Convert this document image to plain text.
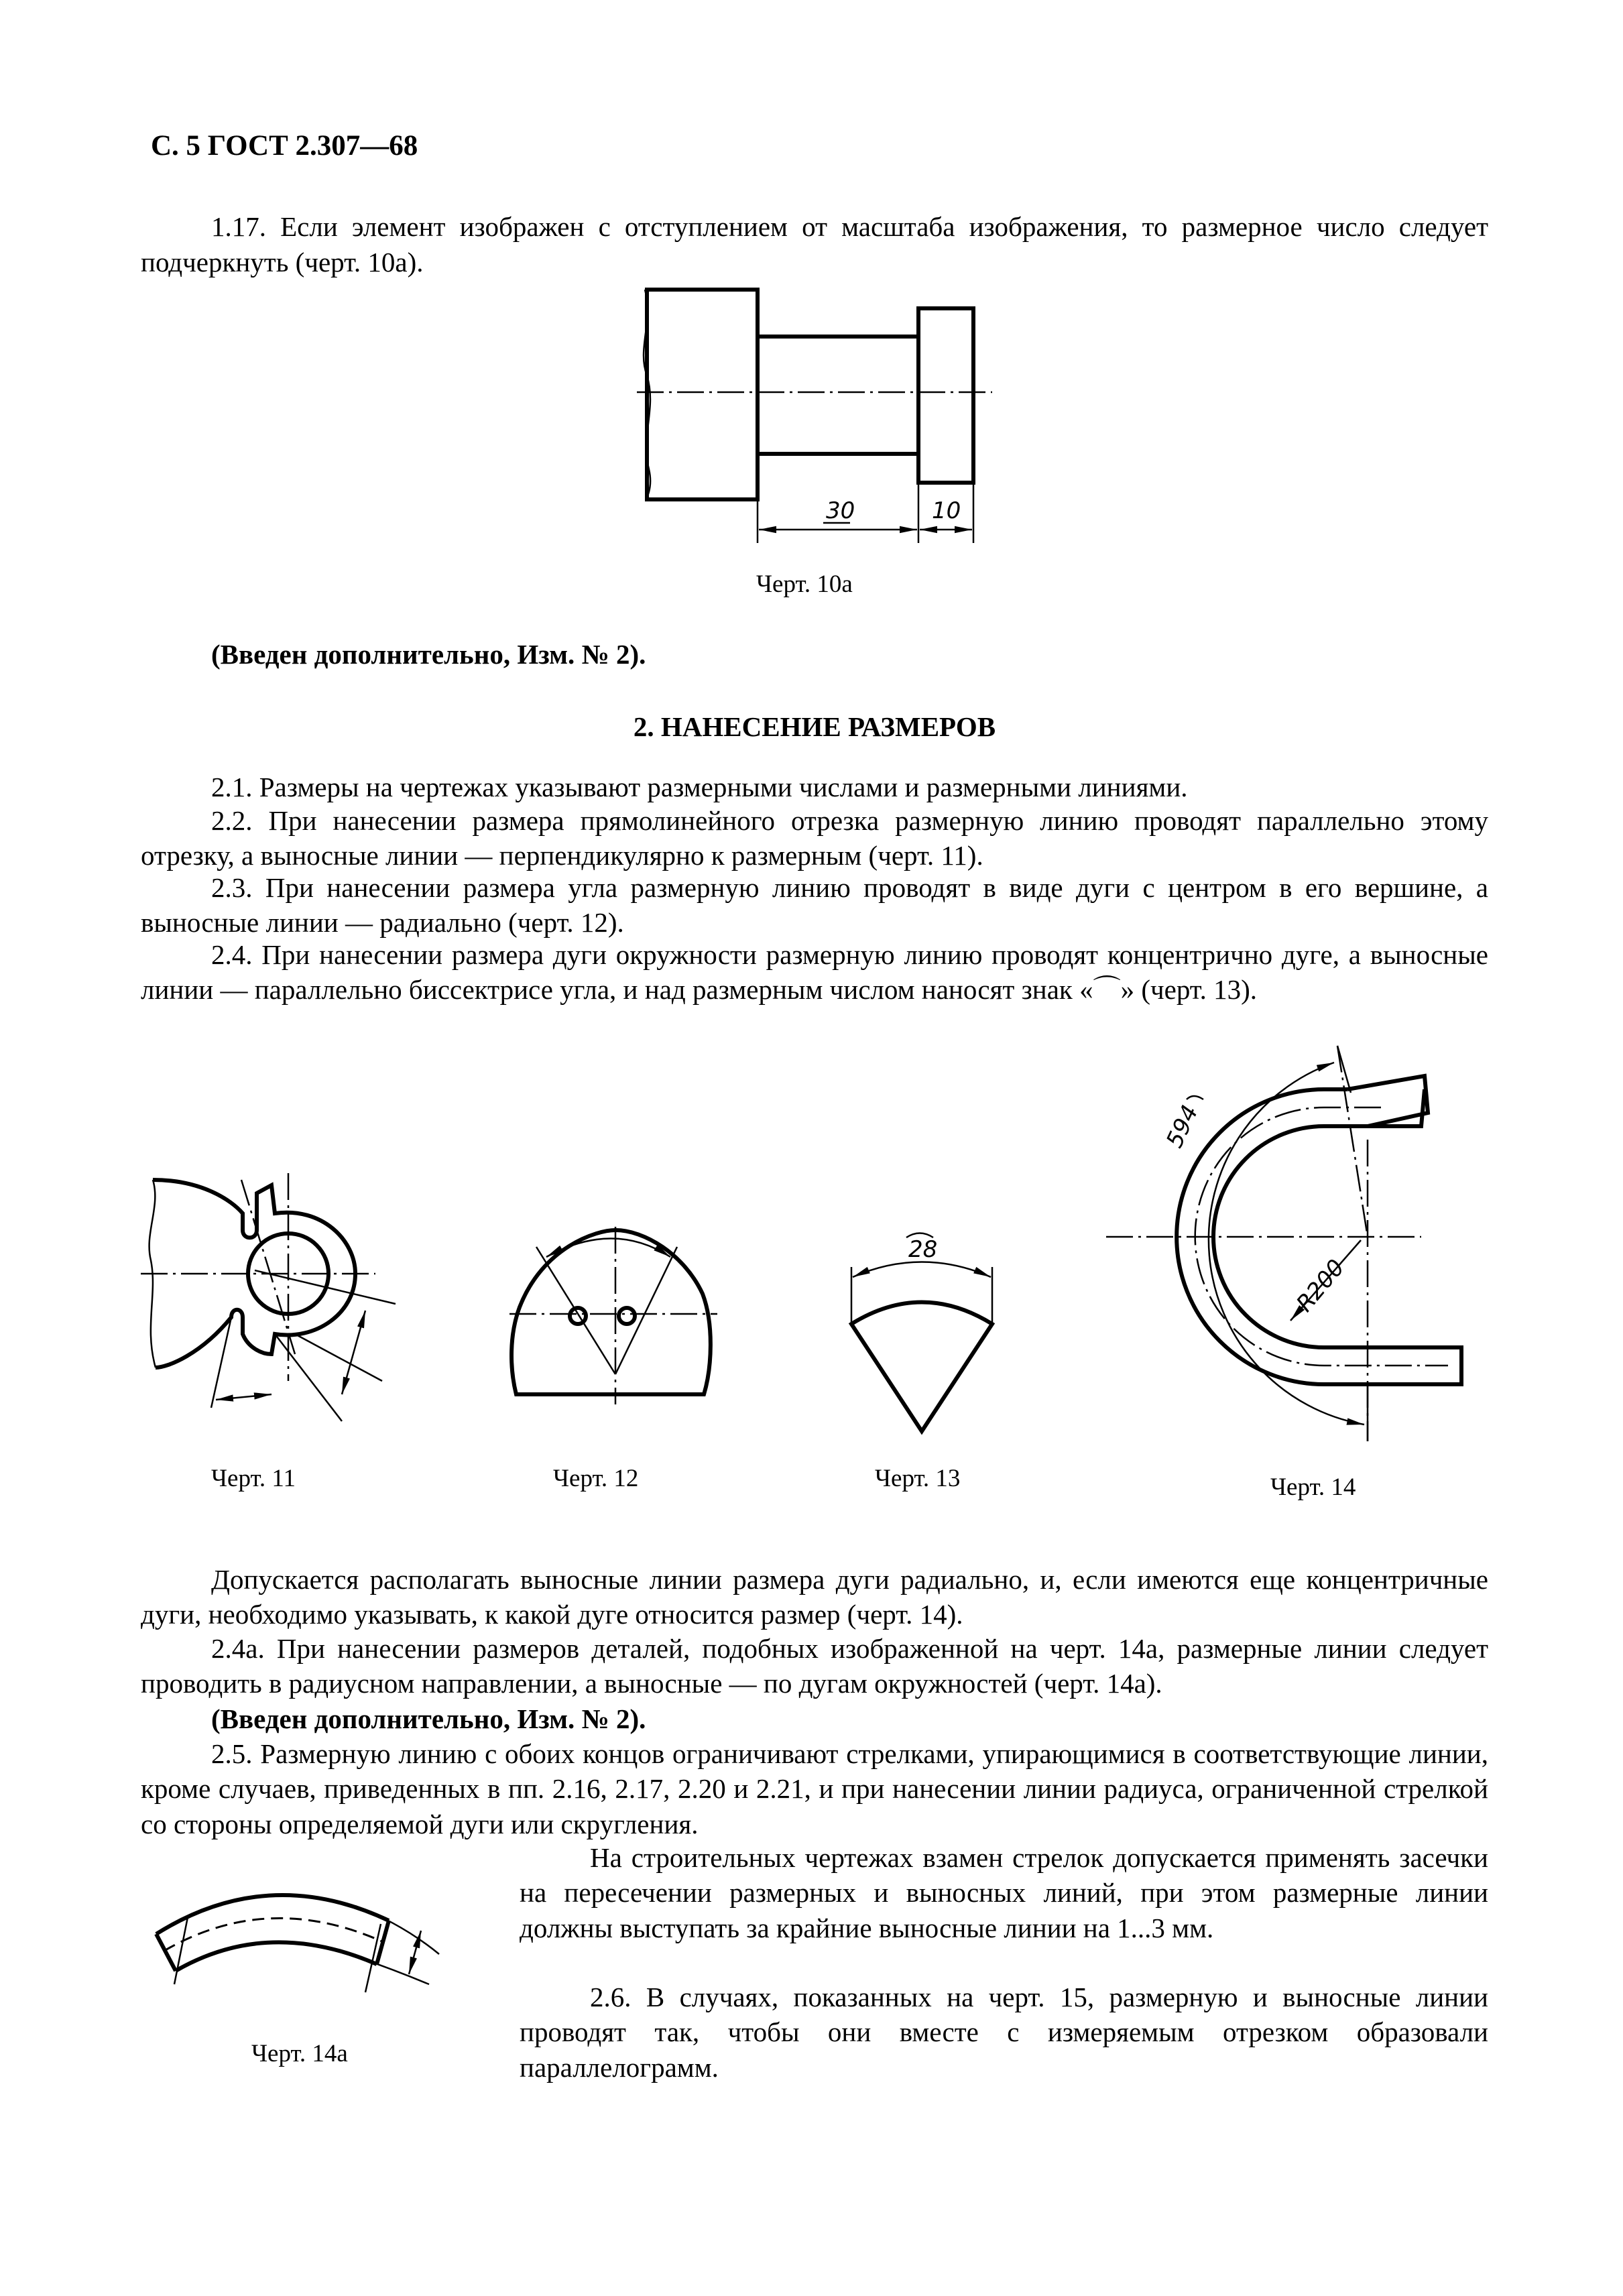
С. 5 ГОСТ 2.307—68
1.17. Если элемент изображен с отступлением от масштаба изображения, то размерное число следует подчеркнуть (черт. 10а).
30	10
28
594
R200
Черт. 10а
(Введен дополнительно, Изм. № 2).
2. НАНЕСЕНИЕ РАЗМЕРОВ
2.1. Размеры на чертежах указывают размерными числами и размерными линиями.
2.2. При нанесении размера прямолинейного отрезка размерную линию проводят параллельно этому отрезку, а выносные линии — перпендикулярно к размерным (черт. 11).
2.3. При нанесении размера угла размерную линию проводят в виде дуги с центром в его вершине, а выносные линии — радиально (черт. 12).
2.4. При нанесении размера дуги окружности размерную линию проводят концентрично дуге, а выносные линии — параллельно биссектрисе угла, и над размерным числом наносят знак «⌒» (черт. 13).
Черт. 11	Черт. 12	Черт. 13	Черт. 14
Допускается располагать выносные линии размера дуги радиально, и, если имеются еще концентричные дуги, необходимо указывать, к какой дуге относится размер (черт. 14).
2.4а. При нанесении размеров деталей, подобных изображенной на черт. 14а, размерные линии следует проводить в радиусном направлении, а выносные — по дугам окружностей (черт. 14а).
(Введен дополнительно, Изм. № 2).
2.5. Размерную линию с обоих концов ограничивают стрелками, упирающимися в соответствующие линии, кроме случаев, приведенных в пп. 2.16, 2.17, 2.20 и 2.21, и при нанесении линии радиуса, ограниченной стрелкой со стороны определяемой дуги или скругления.
На строительных чертежах взамен стрелок допускается применять засечки на пересечении размерных и выносных линий, при этом размерные линии должны выступать за крайние выносные линии на 1...3 мм.
2.6. В случаях, показанных на черт. 15, размерную и выносные линии проводят так, чтобы они вместе с измеряемым отрезком образовали параллелограмм.
Черт. 14а
